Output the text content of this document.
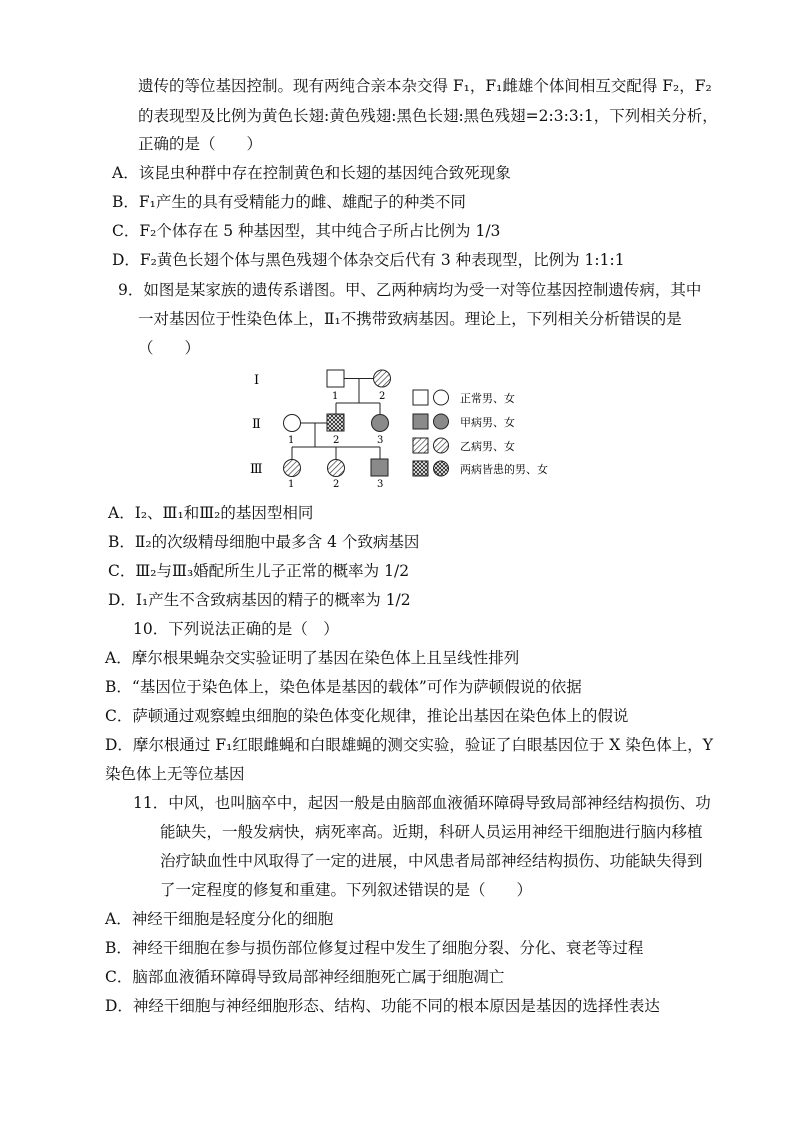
遗传的等位基因控制。现有两纯合亲本杂交得 F₁，F₁雌雄个体间相互交配得 F₂，F₂
的表现型及比例为黄色长翅:黄色残翅:黑色长翅:黑色残翅=2:3:3:1，下列相关分析，
正确的是（　　）
A．该昆虫种群中存在控制黄色和长翅的基因纯合致死现象
B．F₁产生的具有受精能力的雌、雄配子的种类不同
C．F₂个体存在 5 种基因型，其中纯合子所占比例为 1/3
D．F₂黄色长翅个体与黑色残翅个体杂交后代有 3 种表现型，比例为 1:1:1
9．如图是某家族的遗传系谱图。甲、乙两种病均为受一对等位基因控制遗传病，其中
一对基因位于性染色体上，Ⅱ₁不携带致病基因。理论上，下列相关分析错误的是
（　　）
Ⅰ
Ⅱ
Ⅲ
1	2
1	2	3
1	2	3
正常男、女
甲病男、女
乙病男、女
两病皆患的男、女
A．Ⅰ₂、Ⅲ₁和Ⅲ₂的基因型相同
B．Ⅱ₂的次级精母细胞中最多含 4 个致病基因
C．Ⅲ₂与Ⅲ₃婚配所生儿子正常的概率为 1/2
D．Ⅰ₁产生不含致病基因的精子的概率为 1/2
10．下列说法正确的是（　）
A．摩尔根果蝇杂交实验证明了基因在染色体上且呈线性排列
B．“基因位于染色体上，染色体是基因的载体”可作为萨顿假说的依据
C．萨顿通过观察蝗虫细胞的染色体变化规律，推论出基因在染色体上的假说
D．摩尔根通过 F₁红眼雌蝇和白眼雄蝇的测交实验，验证了白眼基因位于 X 染色体上，Y
染色体上无等位基因
11．中风，也叫脑卒中，起因一般是由脑部血液循环障碍导致局部神经结构损伤、功
能缺失，一般发病快，病死率高。近期，科研人员运用神经干细胞进行脑内移植
治疗缺血性中风取得了一定的进展，中风患者局部神经结构损伤、功能缺失得到
了一定程度的修复和重建。下列叙述错误的是（　　）
A．神经干细胞是轻度分化的细胞
B．神经干细胞在参与损伤部位修复过程中发生了细胞分裂、分化、衰老等过程
C．脑部血液循环障碍导致局部神经细胞死亡属于细胞凋亡
D．神经干细胞与神经细胞形态、结构、功能不同的根本原因是基因的选择性表达
